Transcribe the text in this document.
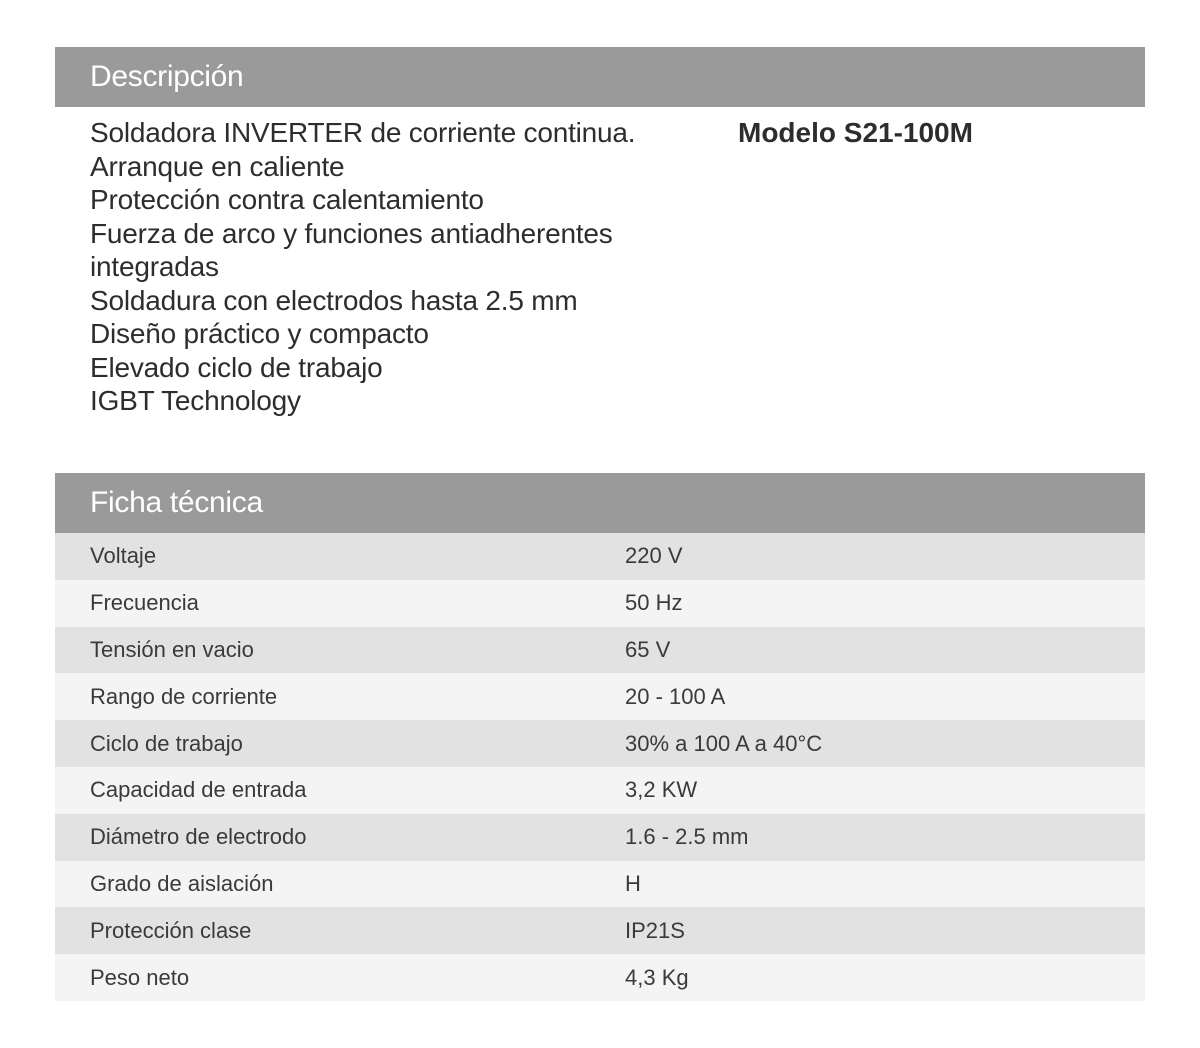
Descripción
Soldadora INVERTER de corriente continua.
Arranque en caliente
Protección contra calentamiento
Fuerza de arco y funciones antiadherentes
integradas
Soldadura con electrodos hasta 2.5 mm
Diseño práctico y compacto
Elevado ciclo de trabajo
IGBT Technology
Modelo S21-100M
Ficha técnica
Voltaje	220 V
Frecuencia	50 Hz
Tensión en vacio	65 V
Rango de corriente	20 - 100 A
Ciclo de trabajo	30% a 100 A a 40°C
Capacidad de entrada	3,2 KW
Diámetro de electrodo	1.6 - 2.5 mm
Grado de aislación	H
Protección clase	IP21S
Peso neto	4,3 Kg
